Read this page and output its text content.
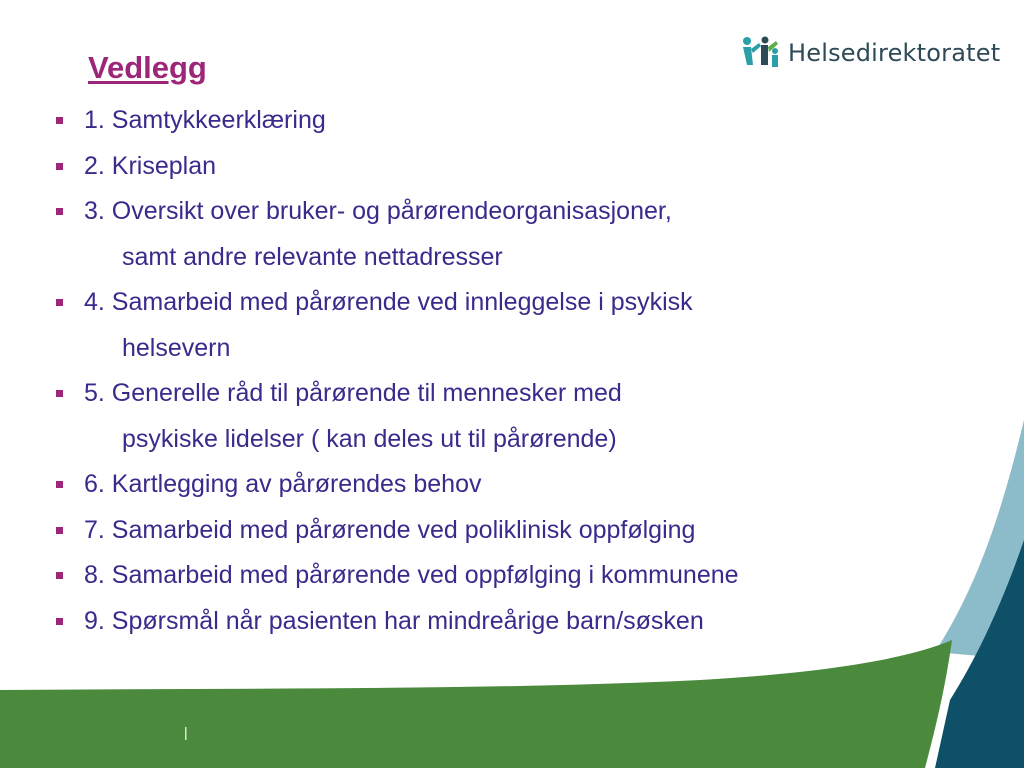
Helsedirektoratet
Vedlegg
1. Samtykkeerklæring
2. Kriseplan
3. Oversikt over bruker- og pårørendeorganisasjoner,
samt andre relevante nettadresser
4. Samarbeid med pårørende ved innleggelse i psykisk
helsevern
5. Generelle råd til pårørende til mennesker med
psykiske lidelser ( kan deles ut til pårørende)
6. Kartlegging av pårørendes behov
7. Samarbeid med pårørende ved poliklinisk oppfølging
8. Samarbeid med pårørende ved oppfølging i kommunene
9. Spørsmål når pasienten har mindreårige barn/søsken
|
